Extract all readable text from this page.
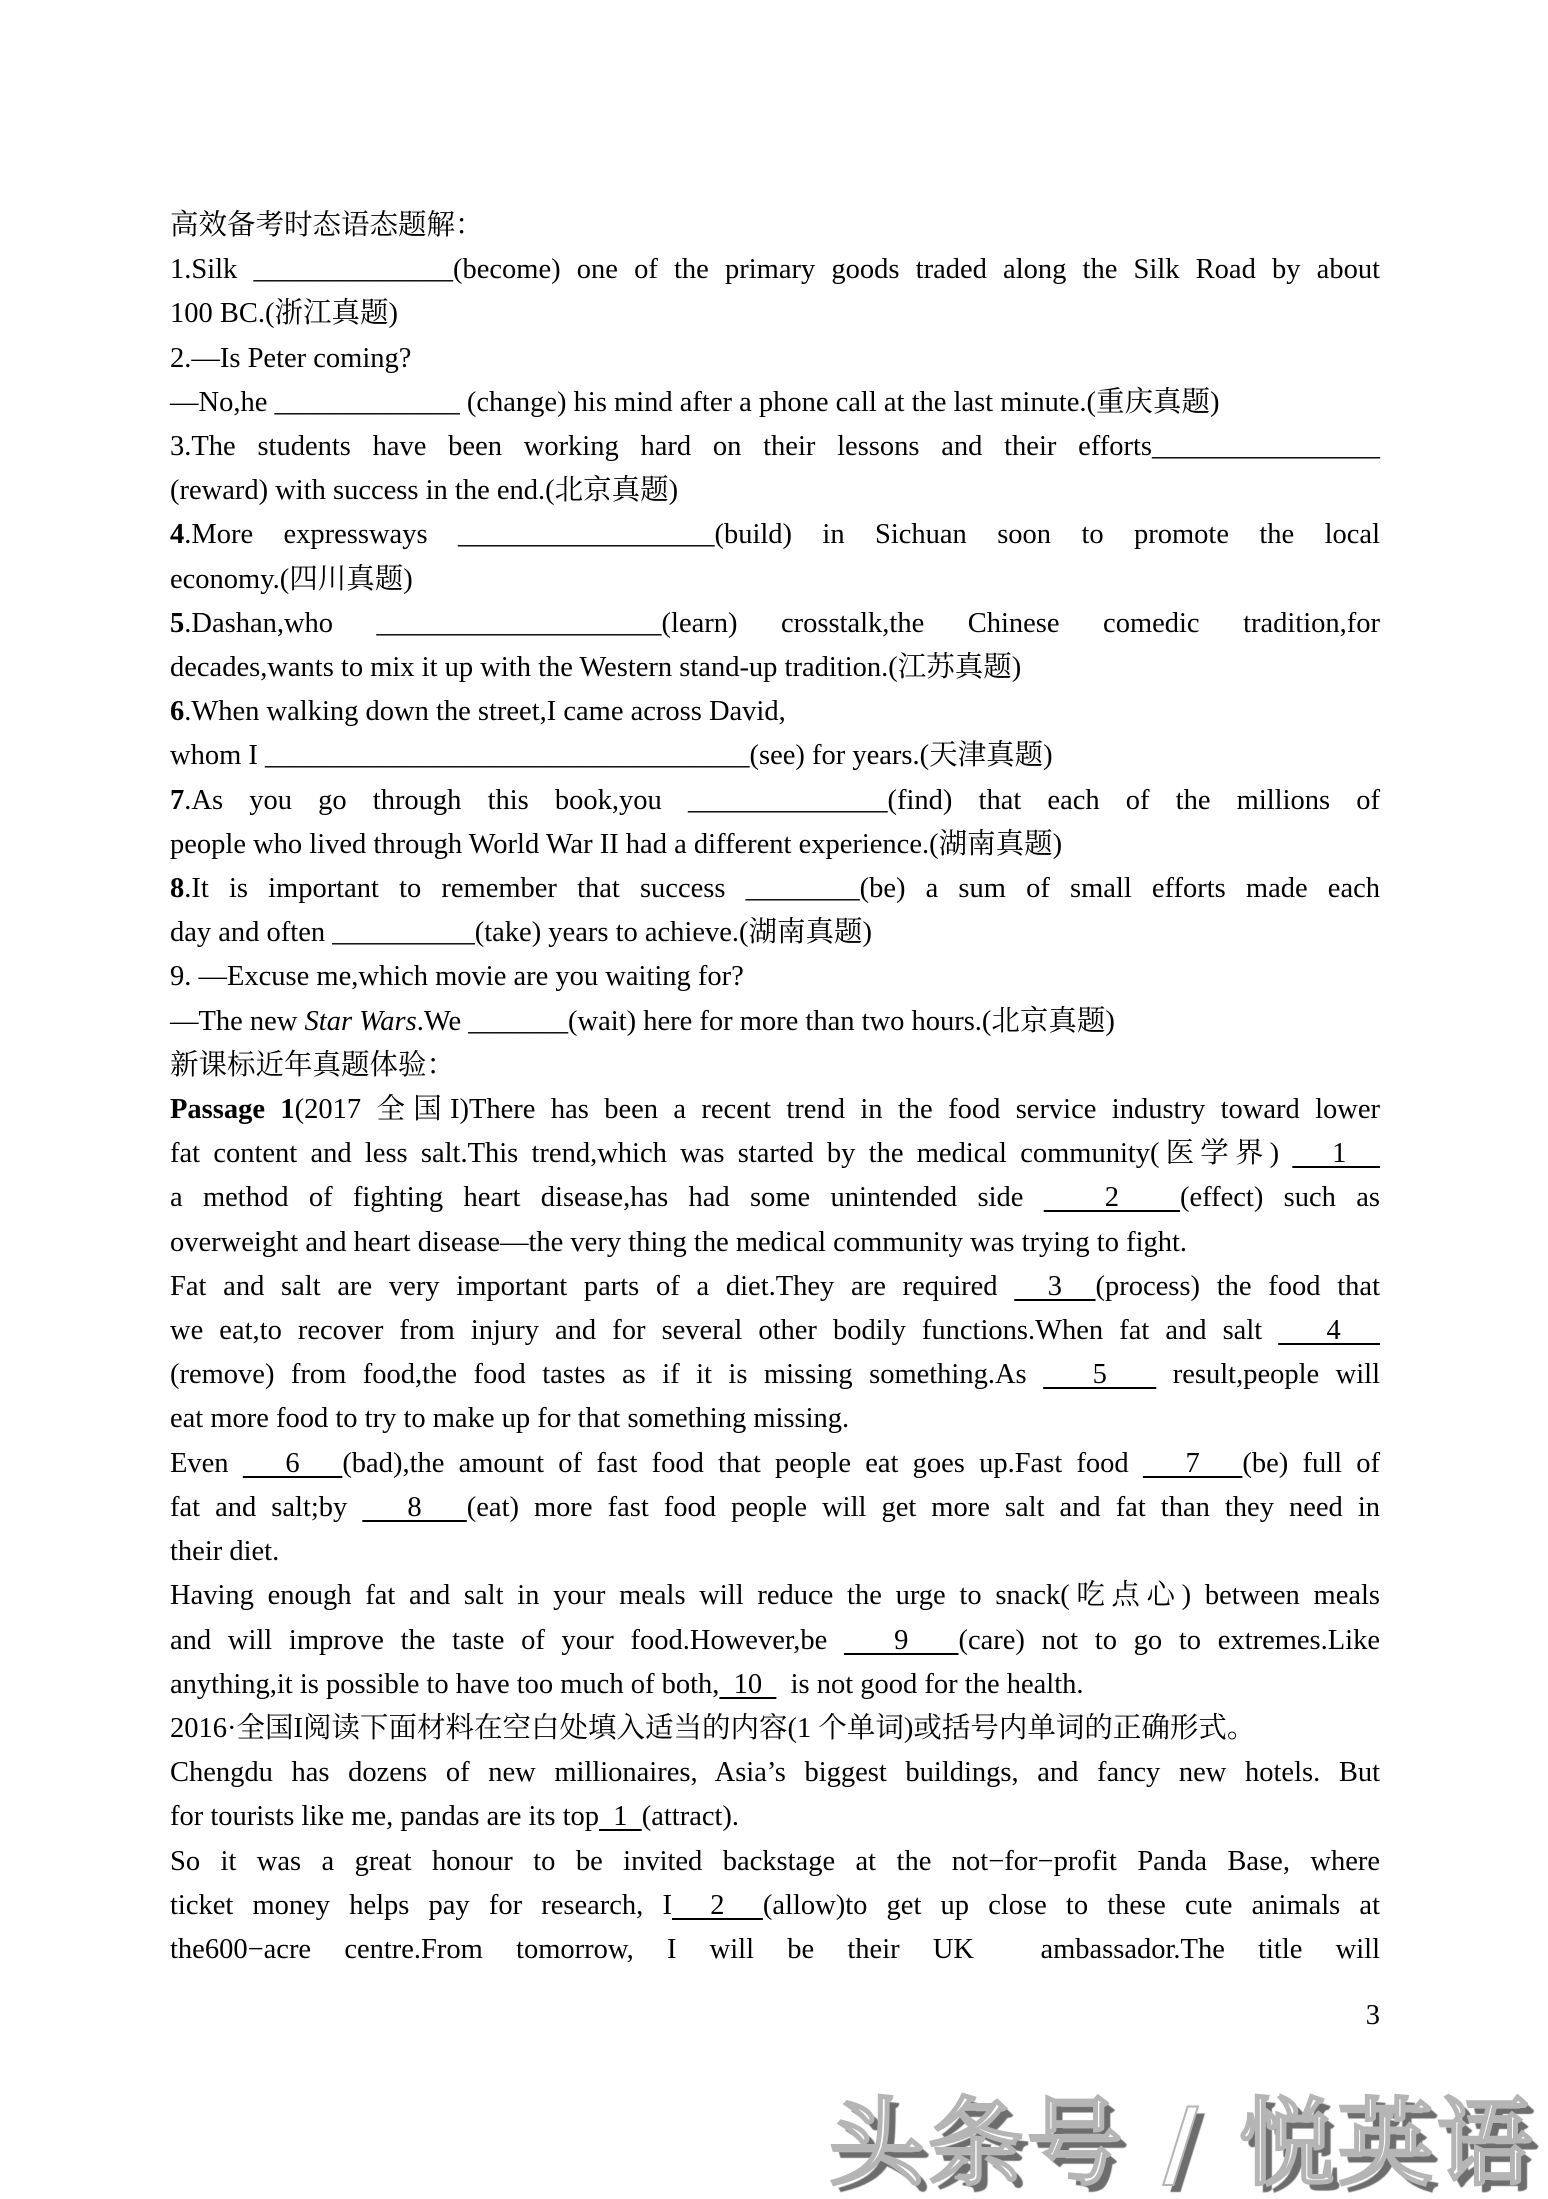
高效备考时态语态题解：
1.Silk ______________(become) one of the primary goods traded along the Silk Road by about
100 BC.(浙江真题)
2.—Is Peter coming?
—No,he _____________ (change) his mind after a phone call at the last minute.(重庆真题)
3.The students have been working hard on their lessons and their efforts________________
(reward) with success in the end.(北京真题)
4.More expressways __________________(build) in Sichuan soon to promote the local
economy.(四川真题)
5.Dashan,who ____________________(learn) crosstalk,the Chinese comedic tradition,for
decades,wants to mix it up with the Western stand-up tradition.(江苏真题)
6.When walking down the street,I came across David,
whom I __________________________________(see) for years.(天津真题)
7.As you go through this book,you ______________(find) that each of the millions of
people who lived through World War II had a different experience.(湖南真题)
8.It is important to remember that success ________(be) a sum of small efforts made each
day and often __________(take) years to achieve.(湖南真题)
9. —Excuse me,which movie are you waiting for?
—The new Star Wars.We _______(wait) here for more than two hours.(北京真题)
新课标近年真题体验：
Passage 1(2017 全国I)There has been a recent trend in the food service industry toward lower
fat content and less salt.This trend,which was started by the medical community(医学界)    1
a method of fighting heart disease,has had some unintended side    2   (effect) such as
overweight and heart disease—the very thing the medical community was trying to fight.
Fat and salt are very important parts of a diet.They are required   3  (process) the food that
we eat,to recover from injury and for several other bodily functions.When fat and salt    4
(remove) from food,the food tastes as if it is missing something.As    5    result,people will
eat more food to try to make up for that something missing.
Even    6   (bad),the amount of fast food that people eat goes up.Fast food    7   (be) full of
fat and salt;by    8   (eat) more fast food people will get more salt and fat than they need in
their diet.
Having enough fat and salt in your meals will reduce the urge to snack(吃点心) between meals
and will improve the taste of your food.However,be    9   (care) not to go to extremes.Like
anything,it is possible to have too much of both,  10    is not good for the health.
2016·全国I阅读下面材料在空白处填入适当的内容(1 个单词)或括号内单词的正确形式。
Chengdu has dozens of new millionaires, Asia’s biggest buildings, and fancy new hotels. But
for tourists like me, pandas are its top  1  (attract).
So it was a great honour to be invited backstage at the not−for−profit Panda Base, where
ticket money helps pay for research, I  2  (allow)to get up close to these cute animals at
the600−acre centre.From tomorrow, I will be their UK  ambassador.The title will
3
头条号 / 悦英语
